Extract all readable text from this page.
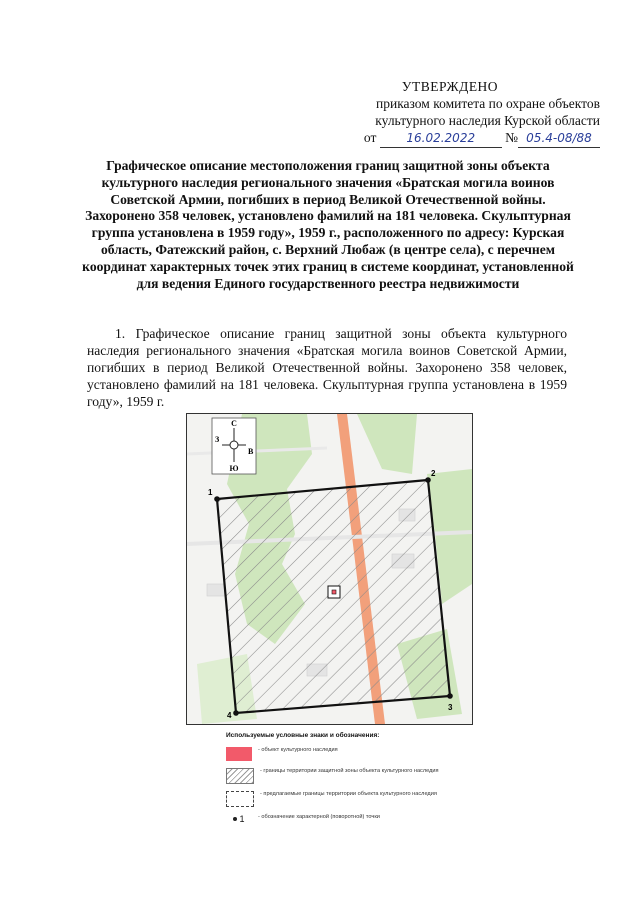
УТВЕРЖДЕНО
приказом комитета по охране объектов
культурного наследия Курской области
от	16.02.2022 № 05.4-08/88
Графическое описание местоположения границ защитной зоны объекта культурного наследия регионального значения «Братская могила воинов Советской Армии, погибших в период Великой Отечественной войны. Захоронено 358 человек, установлено фамилий на 181 человека. Скульптурная группа установлена в 1959 году», 1959 г., расположенного по адресу: Курская область, Фатежский район, с. Верхний Любаж (в центре села), с перечнем координат характерных точек этих границ в системе координат, установленной для ведения Единого государственного реестра недвижимости

1. Графическое описание границ защитной зоны объекта культурного наследия регионального значения «Братская могила воинов Советской Армии, погибших в период Великой Отечественной войны. Захоронено 358 человек, установлено фамилий на 181 человека. Скульптурная группа установлена в 1959 году», 1959 г.

С
Ю
З
В
1
2
3
4
Используемые условные знаки и обозначения:
- объект культурного наследия
- границы территории защитной зоны объекта культурного наследия
- предлагаемые границы территории объекта культурного наследия
1 - обозначение характерной (поворотной) точки
